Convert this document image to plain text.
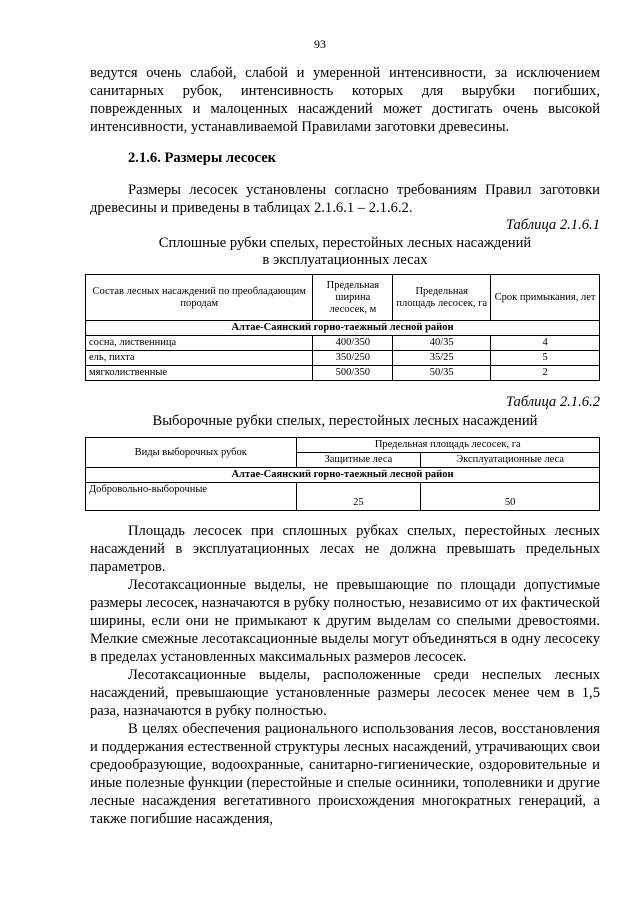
93

ведутся очень слабой, слабой и умеренной интенсивности, за исключением санитарных рубок, интенсивность которых для вырубки погибших, поврежденных и малоценных насаждений может достигать очень высокой интенсивности, устанавливаемой Правилами заготовки древесины.

2.1.6. Размеры лесосек

Размеры лесосек установлены согласно требованиям Правил заготовки древесины и приведены в таблицах 2.1.6.1 – 2.1.6.2.

Таблица 2.1.6.1
Сплошные рубки спелых, перестойных лесных насаждений
в эксплуатационных лесах
Состав лесных насаждений по преобладающим породам	Предельная ширина лесосек, м	Предельная площадь лесосек, га	Срок примыкания, лет
Алтае-Саянский горно-таежный лесной район			
сосна, лиственница	400/350	40/35	4
ель, пихта	350/250	35/25	5
мягколиственные	500/350	50/35	2
Таблица 2.1.6.2
Выборочные рубки спелых, перестойных лесных насаждений
Виды выборочных рубок	Предельная площадь лесосек, га	
	Защитные леса	Эксплуатационные леса
Алтае-Саянский горно-таежный лесной район		
Добровольно-выборочные	25	50

Площадь лесосек при сплошных рубках спелых, перестойных лесных насаждений в эксплуатационных лесах не должна превышать предельных параметров.

Лесотаксационные выделы, не превышающие по площади допустимые размеры лесосек, назначаются в рубку полностью, независимо от их фактической ширины, если они не примыкают к другим выделам со спелыми древостоями. Мелкие смежные лесотаксационные выделы могут объединяться в одну лесосеку в пределах установленных максимальных размеров лесосек.

Лесотаксационные выделы, расположенные среди неспелых лесных насаждений, превышающие установленные размеры лесосек менее чем в 1,5 раза, назначаются в рубку полностью.

В целях обеспечения рационального использования лесов, восстановления и поддержания естественной структуры лесных насаждений, утрачивающих свои средообразующие, водоохранные, санитарно-гигиенические, оздоровительные и иные полезные функции (перестойные и спелые осинники, тополевники и другие лесные насаждения вегетативного происхождения многократных генераций, а также погибшие насаждения,
